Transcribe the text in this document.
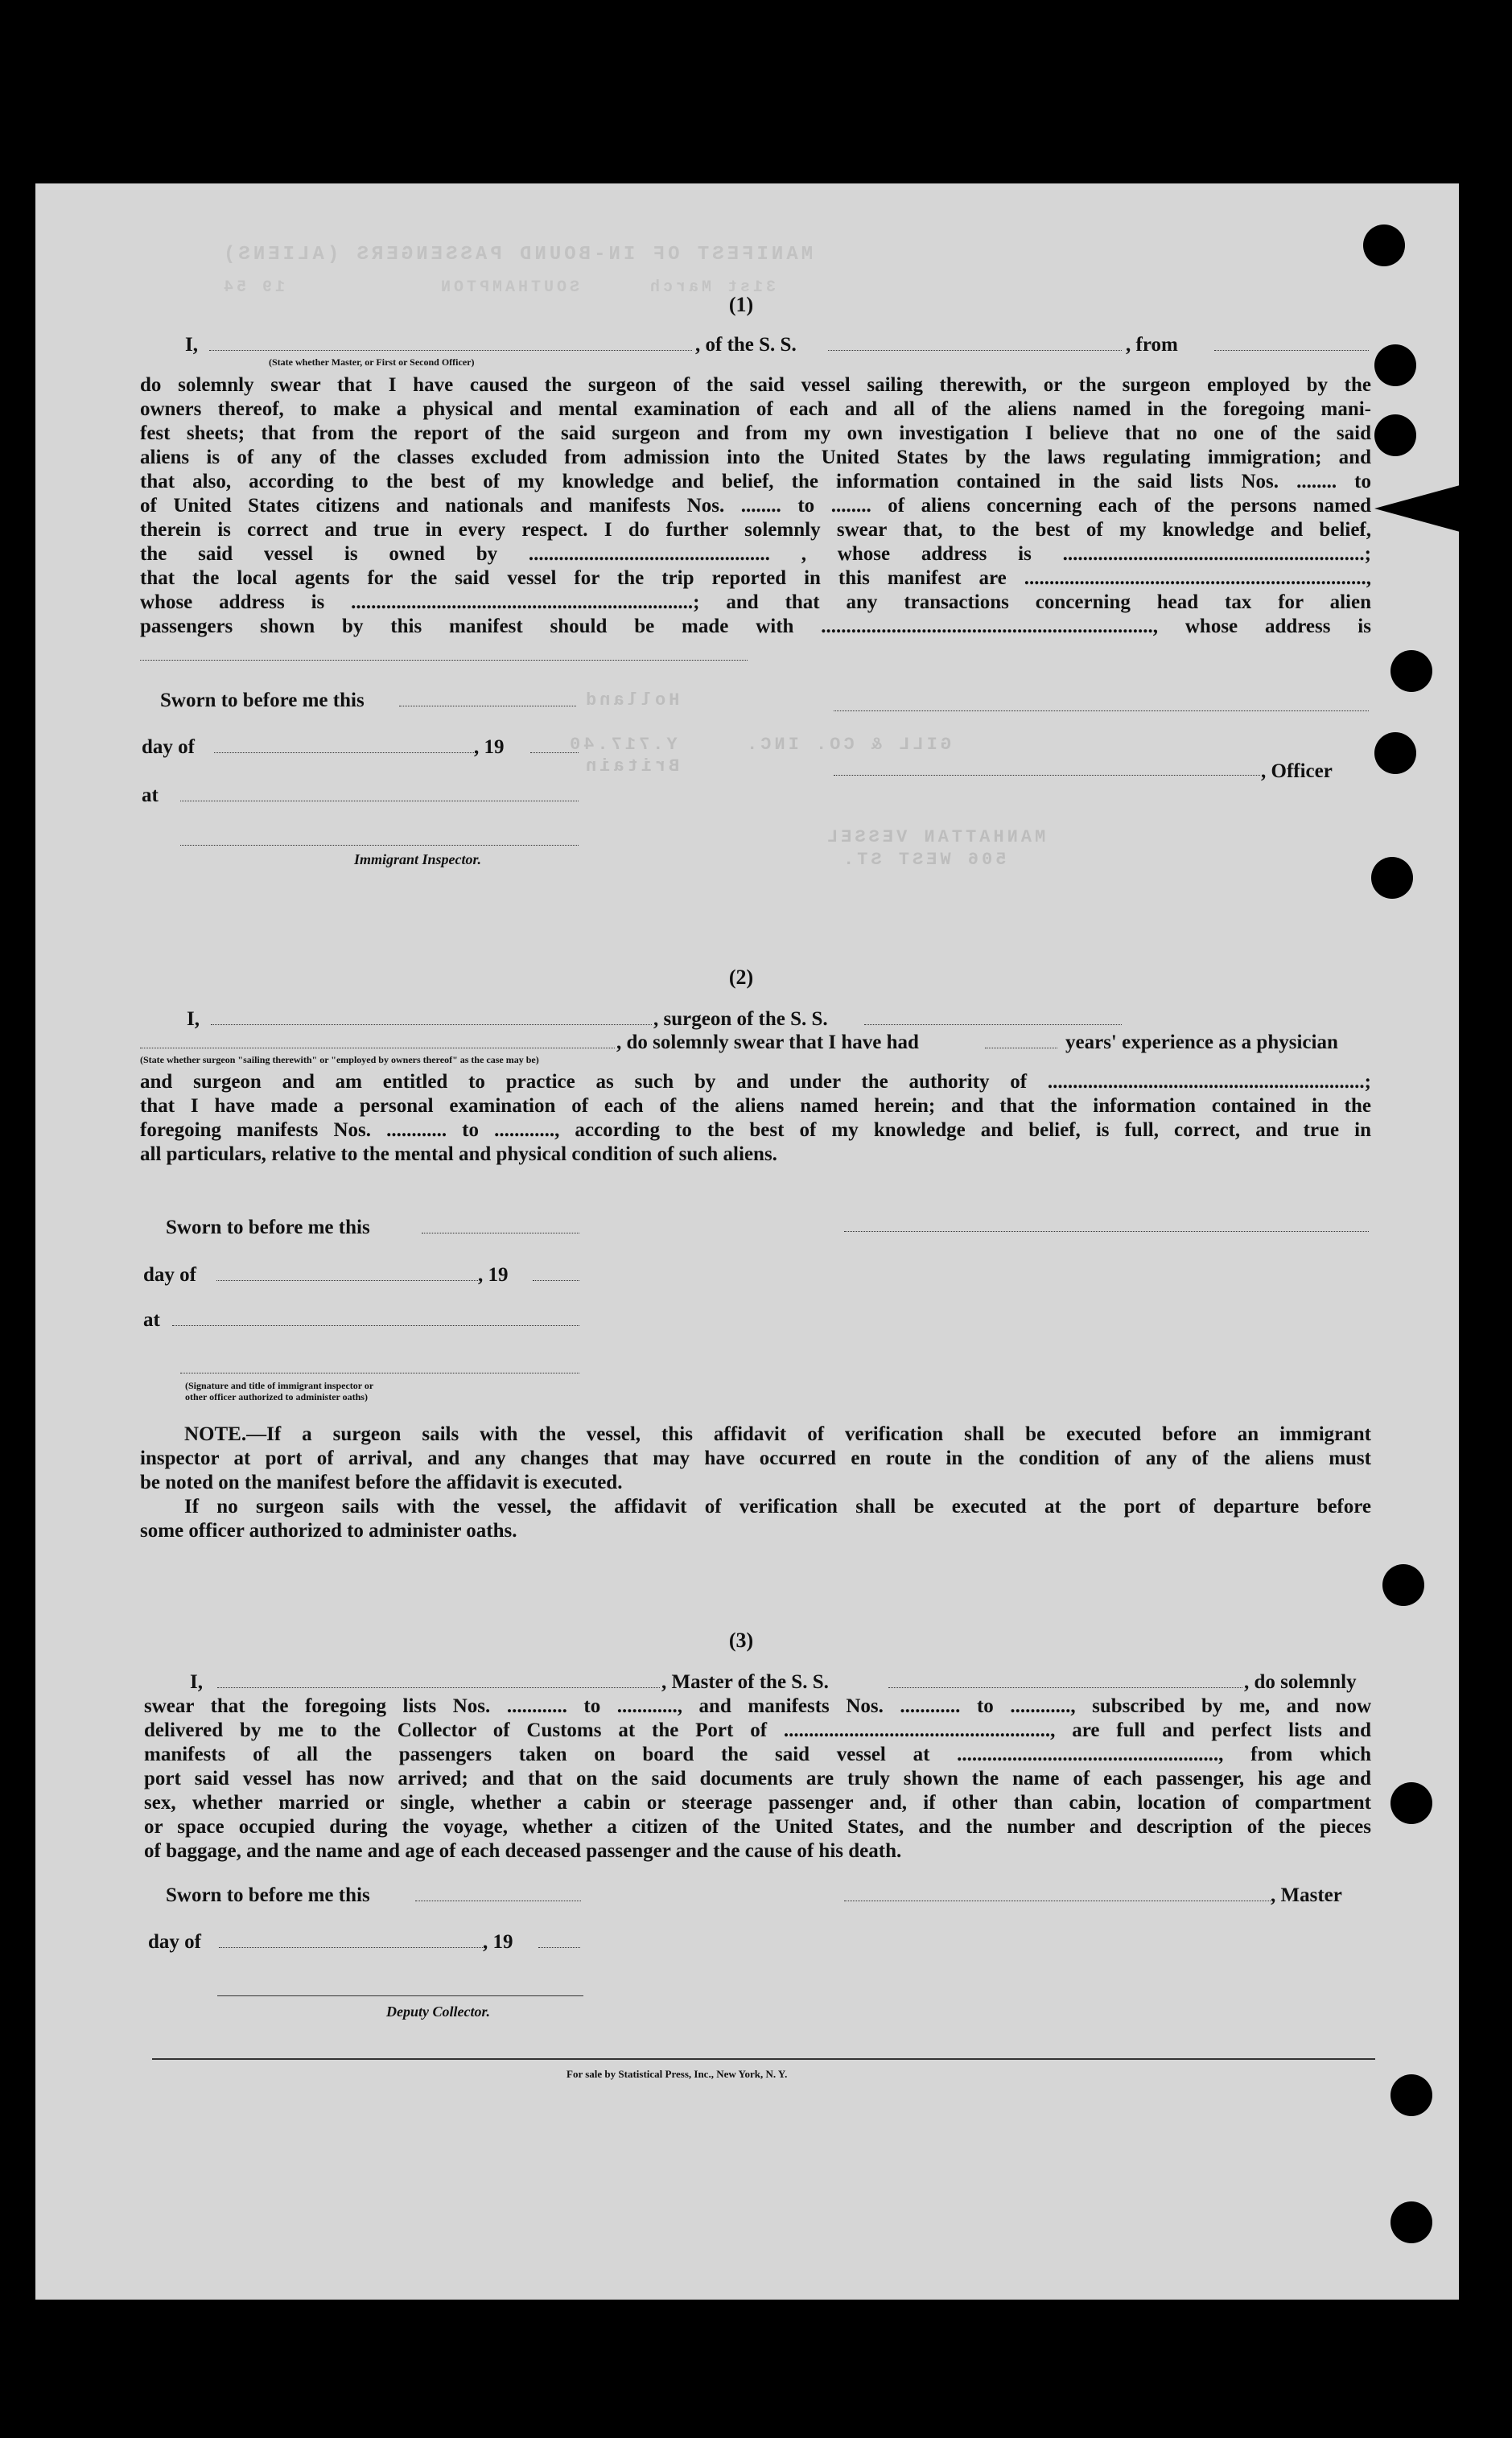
MANIFEST OF IN-BOUND PASSENGERS (ALIENS)
SOUTHAMPTON	31st March
19 54
Holland
Y.717.40
Britain
GILL & CO. INC.
MANHATTAN VESSEL
506 WEST ST.
(1)
I,	, of the S. S.	, from
(State whether Master, or First or Second Officer)
do solemnly swear that I have caused the surgeon of the said vessel sailing therewith, or the surgeon employed by the
owners thereof, to make a physical and mental examination of each and all of the aliens named in the foregoing mani-
fest sheets; that from the report of the said surgeon and from my own investigation I believe that no one of the said
aliens is of any of the classes excluded from admission into the United States by the laws regulating immigration; and
that also, according to the best of my knowledge and belief, the information contained in the said lists Nos. ........ to
of United States citizens and nationals and manifests Nos. ........ to ........ of aliens concerning each of the persons named
therein is correct and true in every respect. I do further solemnly swear that, to the best of my knowledge and belief,
the said vessel is owned by ................................................ , whose address is ............................................................;
that the local agents for the said vessel for the trip reported in this manifest are ....................................................................,
whose address is ....................................................................; and that any transactions concerning head tax for alien
passengers shown by this manifest should be made with .................................................................., whose address is
Sworn to before me this
day of	, 19
, Officer
at
Immigrant Inspector.
(2)
I,	, surgeon of the S. S.
, do solemnly swear that I have had	years' experience as a physician
(State whether surgeon "sailing therewith" or "employed by owners thereof" as the case may be)
and surgeon and am entitled to practice as such by and under the authority of ...............................................................;
that I have made a personal examination of each of the aliens named herein; and that the information contained in the
foregoing manifests Nos. ............ to ............, according to the best of my knowledge and belief, is full, correct, and true in
all particulars, relative to the mental and physical condition of such aliens.
Sworn to before me this
day of	, 19
at
(Signature and title of immigrant inspector or
other officer authorized to administer oaths)
NOTE.—If a surgeon sails with the vessel, this affidavit of verification shall be executed before an immigrant
inspector at port of arrival, and any changes that may have occurred en route in the condition of any of the aliens must
be noted on the manifest before the affidavit is executed.
If no surgeon sails with the vessel, the affidavit of verification shall be executed at the port of departure before
some officer authorized to administer oaths.
(3)
I,	, Master of the S. S.	, do solemnly
swear that the foregoing lists Nos. ............ to ............, and manifests Nos. ............ to ............, subscribed by me, and now
delivered by me to the Collector of Customs at the Port of ....................................................., are full and perfect lists and
manifests of all the passengers taken on board the said vessel at ...................................................., from which
port said vessel has now arrived; and that on the said documents are truly shown the name of each passenger, his age and
sex, whether married or single, whether a cabin or steerage passenger and, if other than cabin, location of compartment
or space occupied during the voyage, whether a citizen of the United States, and the number and description of the pieces
of baggage, and the name and age of each deceased passenger and the cause of his death.
Sworn to before me this	, Master
day of	, 19
Deputy Collector.
For sale by Statistical Press, Inc., New York, N. Y.
